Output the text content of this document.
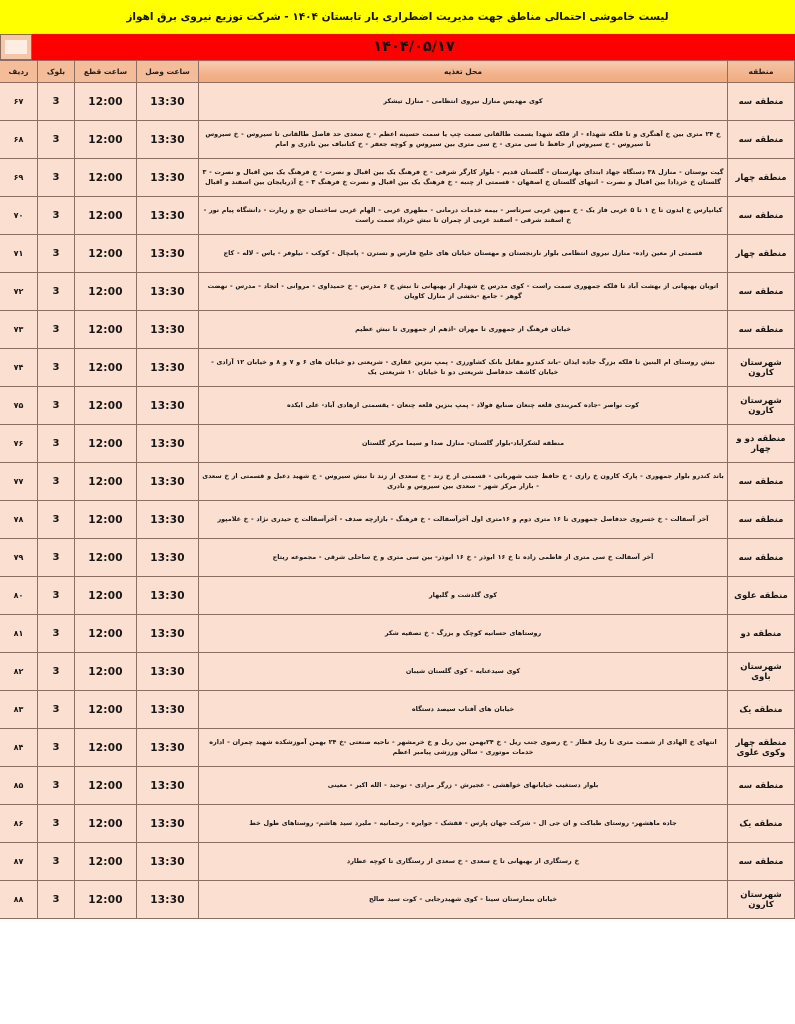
لیست خاموشی احتمالی مناطق جهت مدیریت اضطراری بار تابستان ۱۴۰۴ - شرکت توزیع نیروی برق اهواز
۱۴۰۴/۰۵/۱۷
منطقه	محل تغذیه	ساعت وصل	ساعت قطع	بلوک	ردیف
منطقه سه	کوی مهدیس منازل نیروی انتظامی - منازل تیشکر	13:30	12:00	3	۶۷
منطقه سه	خ ۲۴ متری بین خ آهنگری و تا فلکه شهداء - از فلکه شهدا بسمت طالقانی سمت چپ یا سمت حسینه اعظم - خ سعدی حد فاصل طالقانی تا سیروس - خ سیروس تا سیروس - خ سیروس از حافظ تا سی متری - خ سی متری بین سیروس و کوچه جعفر - خ کتانباف بین نادری و امام	13:30	12:00	3	۶۸
منطقه چهار	گیت بوستان - منازل ۳۸ دستگاه جهاد ابتدای بهارستان - گلستان قدیم - بلوار کارگر شرقی - خ فرهنگ یک بین اقبال و نصرت - خ فرهنگ یک بین اقبال و نصرت - ۳ گلستان خ خردادا بین اقبال و نصرت - انتهای گلستان خ اصفهان - قسمتی از چنبه - خ فرهنگ یک بین اقبال و نصرت خ فرهنگ ۳ - خ آذربایجان بین اسفند و اقبال	13:30	12:00	3	۶۹
منطقه سه	کیانپارس خ ایدون تا خ ۱ تا ۵ غربی فاز یک - خ میهن غربی سرتاسر - بیمه خدمات درمانی - مطهری غربی - الهام غربی ساختمان حج و زیارت - دانشگاه پیام نور - خ اسفند شرقی - اسفند غربی از چمران تا نبش خرداد سمت راست	13:30	12:00	3	۷۰
منطقه چهار	قسمتی از معین زاده- منازل نیروی انتظامی بلوار نارنجستان و مهستان خیابان های خلیج فارس و نسترن - پامچال - کوکب - نیلوفر - یاس - لاله - کاج	13:30	12:00	3	۷۱
منطقه سه	اتوبان بهبهانی از بهشت آباد تا فلکه جمهوری سمت راست - کوی مدرس خ شهدار از بهبهانی تا نبش خ ۶ مدرس - خ حمیداوی - مروانی - اتحاد - مدرس - نهضت گوهر - جامع -بخشی از منازل کاویان	13:30	12:00	3	۷۲
منطقه سه	خیابان فرهنگ از جمهوری تا مهران -اذهم از جمهوری تا نبش عظیم	13:30	12:00	3	۷۳
شهرستان کارون	نبش روستای ام البنین تا فلکه بزرگ جاده ایذان -باند کندرو مقابل بانک کشاورزی - پمپ بنزین غفاری - شریعتی دو خیابان های ۶ و ۷ و ۸ و خیابان ۱۲ آزادی - خیابان کاشف حدفاصل شریعتی دو تا خیابان ۱۰ شریعتی یک	13:30	12:00	3	۷۴
شهرستان کارون	کوت نواصر -جاده کمربندی قلعه چنعان صنایع فولاد - پمپ بنزین قلعه چنعان - یقسمتی ازهادی آباد- علی ایکده	13:30	12:00	3	۷۵
منطقه دو و چهار	منطقه لشکرآباد-بلوار گلستان- منازل صدا و سیما مرکز گلستان	13:30	12:00	3	۷۶
منطقه سه	باند کندرو بلوار جمهوری - پارک کارون خ رازی - خ حافظ جنب شهربانی - قسمتی از خ زند - خ سعدی از زند تا نبش سیروس - خ شهید دعبل و قسمتی از خ سعدی - بازار مرکز شهر - سعدی بین سیروس و نادری	13:30	12:00	3	۷۷
منطقه سه	آخر آسفالت - خ خسروی حدفاصل جمهوری تا ۱۶ متری دوم و ۱۶متری اول آخرآسفالت - خ فرهنگ - بازارچه صدف - آخرآسفالت خ حیدری نژاد - خ غلامپور	13:30	12:00	3	۷۸
منطقه سه	آخر آسفالت خ سی متری از فاطمی زاده تا خ ۱۶ ابوذر - خ ۱۶ ابوذر- بین سی متری و خ ساحلی شرقی - مجموعه ریتاج	13:30	12:00	3	۷۹
منطقه علوی	کوی گلدشت و گلبهار	13:30	12:00	3	۸۰
منطقه دو	روستاهای حسانیه کوچک و بزرگ - خ تصفیه شکر	13:30	12:00	3	۸۱
شهرستان باوی	کوی سیدعنایه - کوی گلستان شیبان	13:30	12:00	3	۸۲
منطقه یک	خیابان های آفتاب سیصد دستگاه	13:30	12:00	3	۸۳
منطقه چهار وکوی علوی	انتهای خ الهادی از شصت متری تا ریل قطار - خ رضوی جنب ریل - خ ۲۴بهمن بین ریل و خ خرمشهر - ناحیه صنعتی -خ ۲۴ بهمن آموزشکده شهید چمران - اداره خدمات موتوری - سالن ورزشی پیامبر اعظم	13:30	12:00	3	۸۴
منطقه سه	بلوار دستغیب خیابانهای خواهشی - عجیرش - زرگر مرادی - توحید - الله اکبر - معینی	13:30	12:00	3	۸۵
منطقه یک	جاده ماهشهر- روستای طباکت و ان جی ال - شرکت جهان پارس - قفشک - جوایره - رحمانیه - ملیرد سید هاشم- روستاهای طول خط	13:30	12:00	3	۸۶
منطقه سه	خ رستگاری از بهبهانی تا خ سعدی - خ سعدی از رستگاری تا کوچه عطارد	13:30	12:00	3	۸۷
شهرستان کارون	خیابان بیمارستان سینا - کوی شهیدرجایی - کوت سید صالح	13:30	12:00	3	۸۸
